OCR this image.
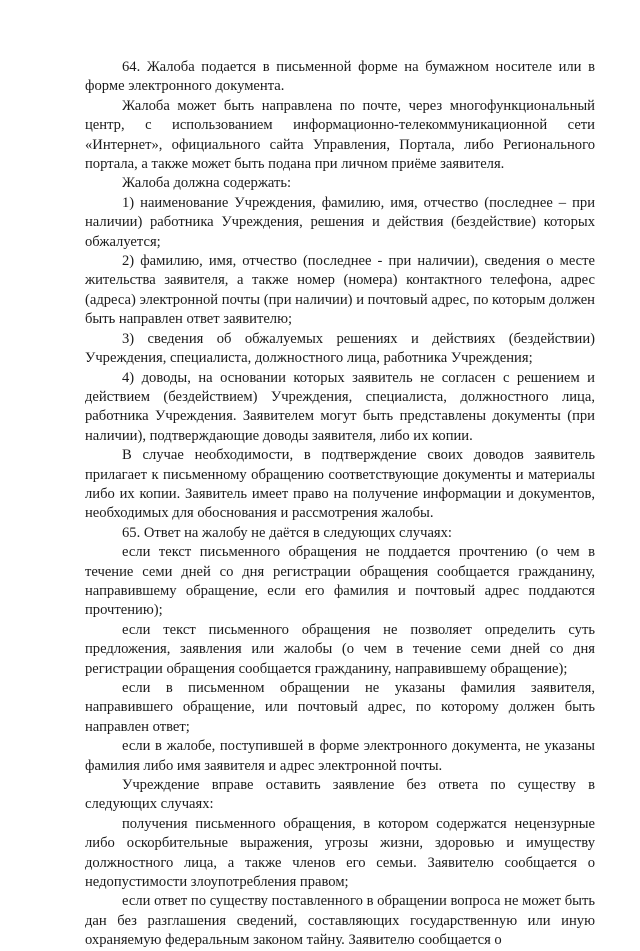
64. Жалоба подается в письменной форме на бумажном носителе или в форме электронного документа.

Жалоба может быть направлена по почте, через многофункциональный центр, с использованием информационно-телекоммуникационной сети «Интернет», официального сайта Управления, Портала, либо Регионального портала, а также может быть подана при личном приёме заявителя.

Жалоба должна содержать:

1) наименование Учреждения, фамилию, имя, отчество (последнее – при наличии) работника Учреждения, решения и действия (бездействие) которых обжалуется;

2) фамилию, имя, отчество (последнее - при наличии), сведения о месте жительства заявителя, а также номер (номера) контактного телефона, адрес (адреса) электронной почты (при наличии) и почтовый адрес, по которым должен быть направлен ответ заявителю;

3) сведения об обжалуемых решениях и действиях (бездействии) Учреждения, специалиста, должностного лица, работника Учреждения;

4) доводы, на основании которых заявитель не согласен с решением и действием (бездействием) Учреждения, специалиста, должностного лица, работника Учреждения. Заявителем могут быть представлены документы (при наличии), подтверждающие доводы заявителя, либо их копии.

В случае необходимости, в подтверждение своих доводов заявитель прилагает к письменному обращению соответствующие документы и материалы либо их копии. Заявитель имеет право на получение информации и документов, необходимых для обоснования и рассмотрения жалобы.

65. Ответ на жалобу не даётся в следующих случаях:

если текст письменного обращения не поддается прочтению (о чем в течение семи дней со дня регистрации обращения сообщается гражданину, направившему обращение, если его фамилия и почтовый адрес поддаются прочтению);

если текст письменного обращения не позволяет определить суть предложения, заявления или жалобы (о чем в течение семи дней со дня регистрации обращения сообщается гражданину, направившему обращение);

если в письменном обращении не указаны фамилия заявителя, направившего обращение, или почтовый адрес, по которому должен быть направлен ответ;

если в жалобе, поступившей в форме электронного документа, не указаны фамилия либо имя заявителя и адрес электронной почты.

Учреждение вправе оставить заявление без ответа по существу в следующих случаях:

получения письменного обращения, в котором содержатся нецензурные либо оскорбительные выражения, угрозы жизни, здоровью и имуществу должностного лица, а также членов его семьи. Заявителю сообщается о недопустимости злоупотребления правом;

если ответ по существу поставленного в обращении вопроса не может быть дан без разглашения сведений, составляющих государственную или иную охраняемую федеральным законом тайну. Заявителю сообщается о
